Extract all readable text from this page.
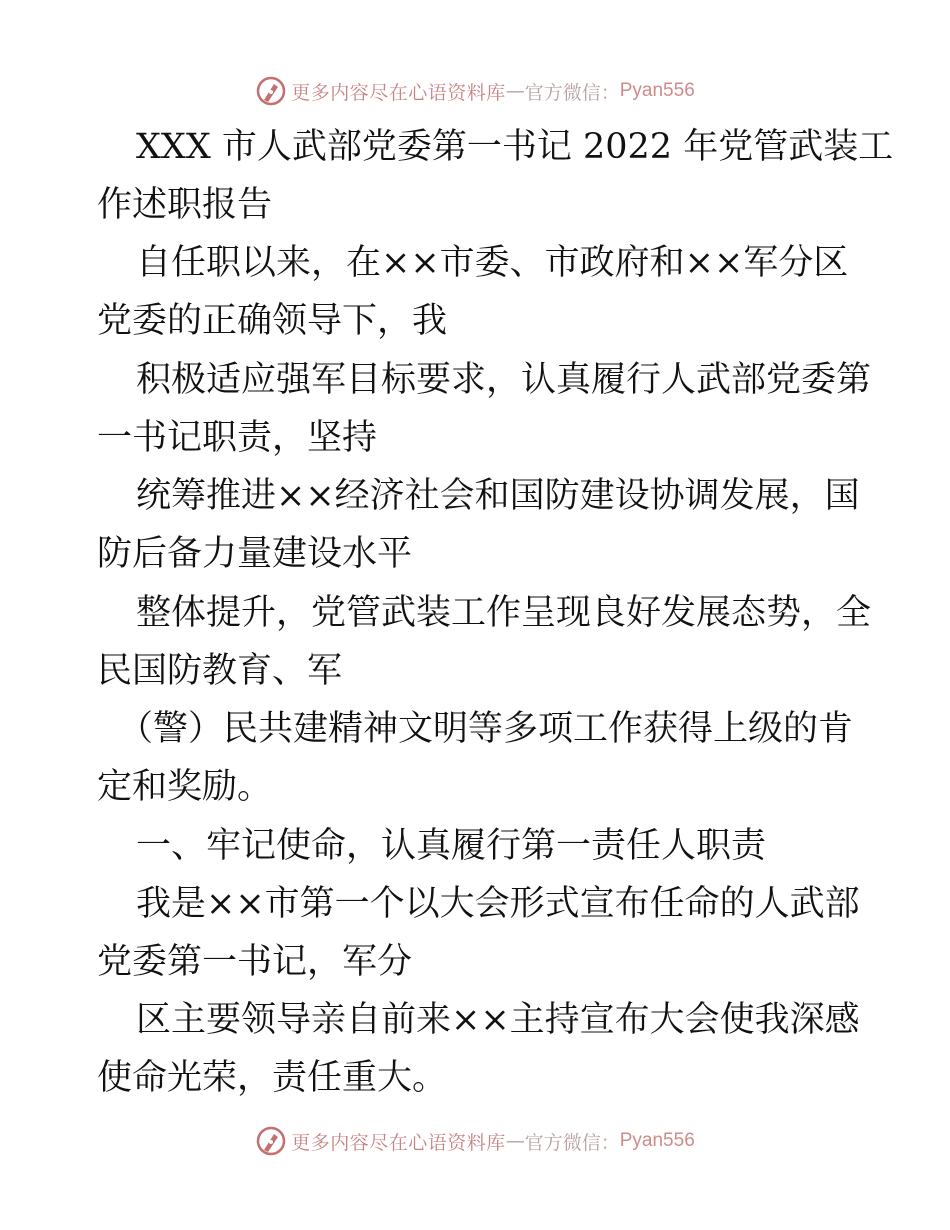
更多内容尽在心语资料库 — 官方微信： Pyan556
XXX 市人武部党委第一书记 2022 年党管武装工
作述职报告
自任职以来，在××市委、市政府和××军分区
党委的正确领导下，我
积极适应强军目标要求，认真履行人武部党委第
一书记职责，坚持
统筹推进××经济社会和国防建设协调发展，国
防后备力量建设水平
整体提升，党管武装工作呈现良好发展态势，全
民国防教育、军
（警）民共建精神文明等多项工作获得上级的肯
定和奖励。
一、牢记使命，认真履行第一责任人职责
我是××市第一个以大会形式宣布任命的人武部
党委第一书记，军分
区主要领导亲自前来××主持宣布大会使我深感
使命光荣，责任重大。
更多内容尽在心语资料库 — 官方微信： Pyan556
